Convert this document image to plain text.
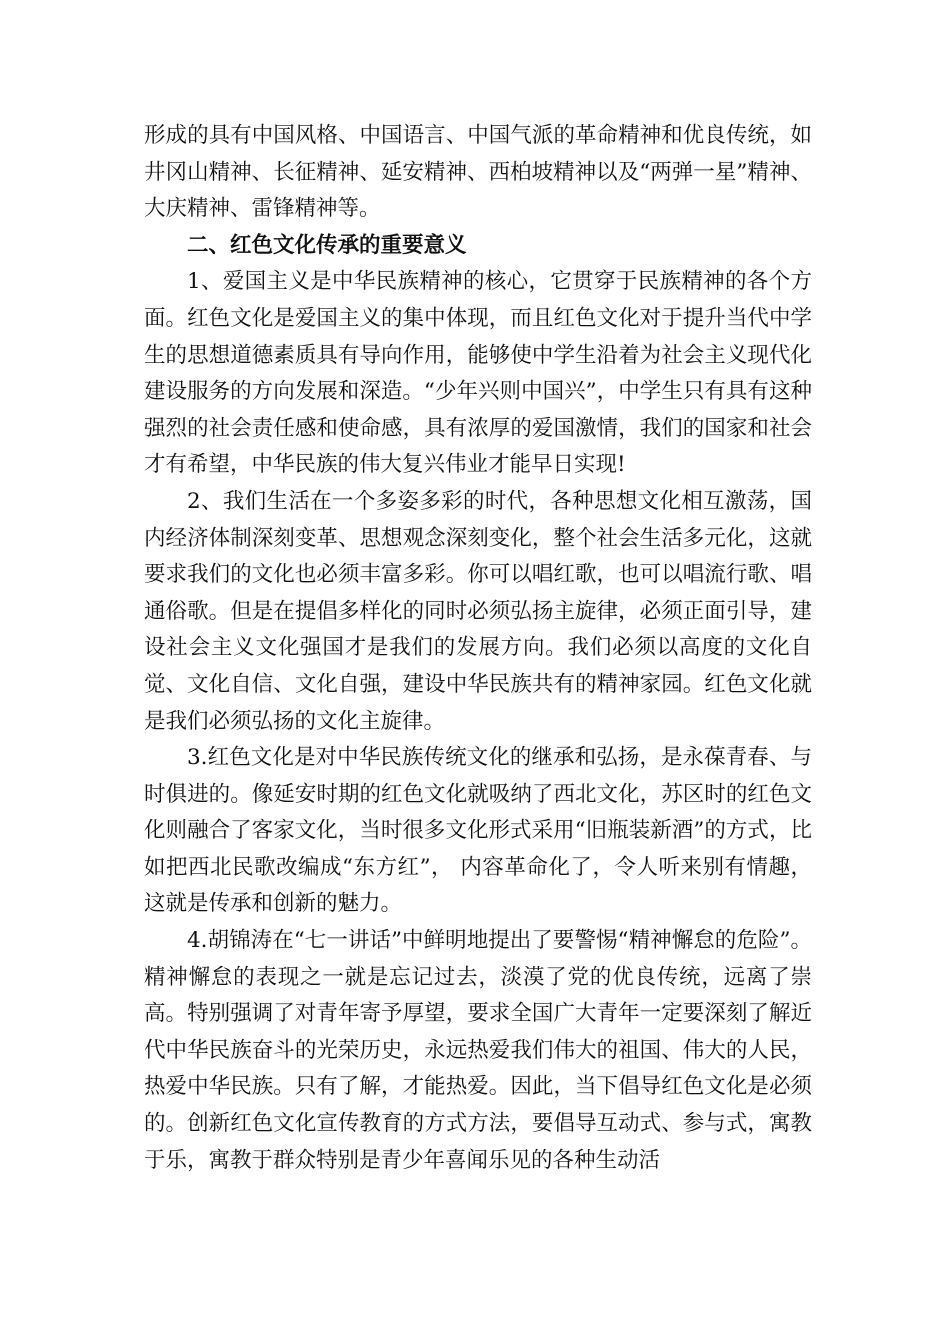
形成的具有中国风格、中国语言、中国气派的革命精神和优良传统，如井冈山精神、长征精神、延安精神、西柏坡精神以及“两弹一星”精神、大庆精神、雷锋精神等。

二、红色文化传承的重要意义

1、爱国主义是中华民族精神的核心，它贯穿于民族精神的各个方面。红色文化是爱国主义的集中体现，而且红色文化对于提升当代中学生的思想道德素质具有导向作用，能够使中学生沿着为社会主义现代化建设服务的方向发展和深造。“少年兴则中国兴”，中学生只有具有这种强烈的社会责任感和使命感，具有浓厚的爱国激情，我们的国家和社会才有希望，中华民族的伟大复兴伟业才能早日实现!

2、我们生活在一个多姿多彩的时代，各种思想文化相互激荡，国内经济体制深刻变革、思想观念深刻变化，整个社会生活多元化，这就要求我们的文化也必须丰富多彩。你可以唱红歌，也可以唱流行歌、唱通俗歌。但是在提倡多样化的同时必须弘扬主旋律，必须正面引导，建设社会主义文化强国才是我们的发展方向。我们必须以高度的文化自觉、文化自信、文化自强，建设中华民族共有的精神家园。红色文化就是我们必须弘扬的文化主旋律。

3.红色文化是对中华民族传统文化的继承和弘扬，是永葆青春、与时俱进的。像延安时期的红色文化就吸纳了西北文化，苏区时的红色文化则融合了客家文化，当时很多文化形式采用“旧瓶装新酒”的方式，比如把西北民歌改编成“东方红”， 内容革命化了，令人听来别有情趣，这就是传承和创新的魅力。

4.胡锦涛在“七一讲话”中鲜明地提出了要警惕“精神懈怠的危险”。精神懈怠的表现之一就是忘记过去，淡漠了党的优良传统，远离了崇高。特别强调了对青年寄予厚望，要求全国广大青年一定要深刻了解近代中华民族奋斗的光荣历史，永远热爱我们伟大的祖国、伟大的人民，热爱中华民族。只有了解，才能热爱。因此，当下倡导红色文化是必须的。创新红色文化宣传教育的方式方法，要倡导互动式、参与式，寓教于乐，寓教于群众特别是青少年喜闻乐见的各种生动活
